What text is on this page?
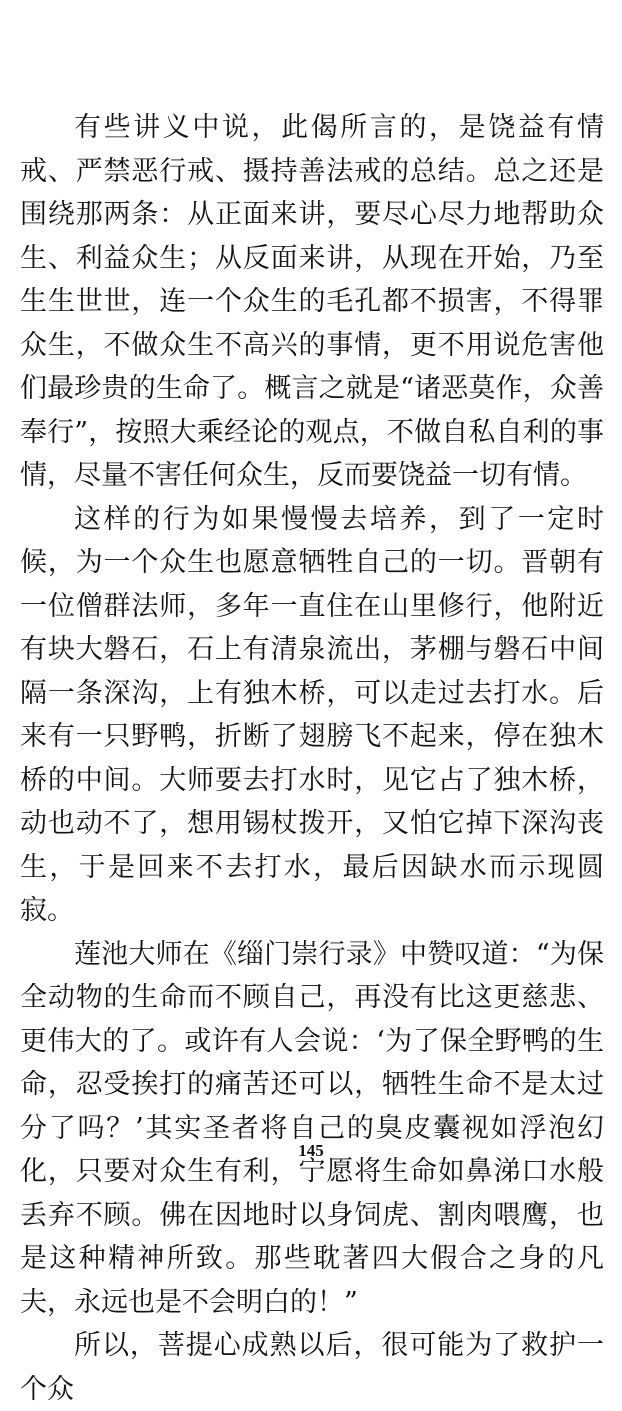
有些讲义中说，此偈所言的，是饶益有情戒、严禁恶行戒、摄持善法戒的总结。总之还是围绕那两条：从正面来讲，要尽心尽力地帮助众生、利益众生；从反面来讲，从现在开始，乃至生生世世，连一个众生的毛孔都不损害，不得罪众生，不做众生不高兴的事情，更不用说危害他们最珍贵的生命了。概言之就是“诸恶莫作，众善奉行”，按照大乘经论的观点，不做自私自利的事情，尽量不害任何众生，反而要饶益一切有情。

这样的行为如果慢慢去培养，到了一定时候，为一个众生也愿意牺牲自己的一切。晋朝有一位僧群法师，多年一直住在山里修行，他附近有块大磐石，石上有清泉流出，茅棚与磐石中间隔一条深沟，上有独木桥，可以走过去打水。后来有一只野鸭，折断了翅膀飞不起来，停在独木桥的中间。大师要去打水时，见它占了独木桥，动也动不了，想用锡杖拨开，又怕它掉下深沟丧生，于是回来不去打水，最后因缺水而示现圆寂。

莲池大师在《缁门崇行录》中赞叹道：“为保全动物的生命而不顾自己，再没有比这更慈悲、更伟大的了。或许有人会说：‘为了保全野鸭的生命，忍受挨打的痛苦还可以，牺牲生命不是太过分了吗？’其实圣者将自己的臭皮囊视如浮泡幻化，只要对众生有利，宁愿将生命如鼻涕口水般丢弃不顾。佛在因地时以身饲虎、割肉喂鹰，也是这种精神所致。那些耽著四大假合之身的凡夫，永远也是不会明白的！”

所以，菩提心成熟以后，很可能为了救护一个众

145
